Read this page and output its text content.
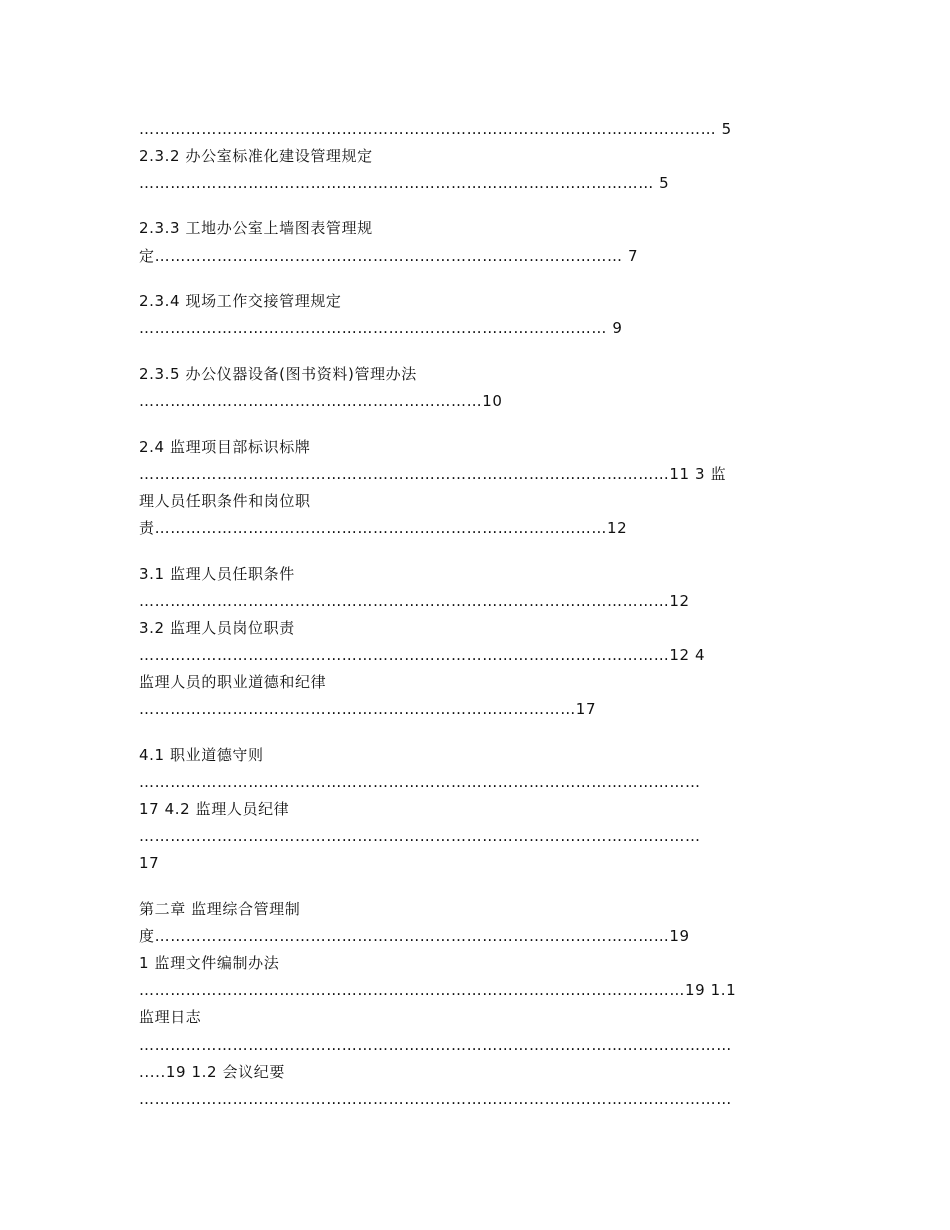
………………………………………………………………………………………………… 5
2.3.2 办公室标准化建设管理规定
……………………………………………………………………………………… 5
2.3.3 工地办公室上墙图表管理规
定……………………………………………………………………………… 7
2.3.4 现场工作交接管理规定
……………………………………………………………………………… 9
2.3.5 办公仪器设备(图书资料)管理办法
…………………………………………………………10
2.4 监理项目部标识标牌
…………………………………………………………………………………………11 3 监
理人员任职条件和岗位职
责……………………………………………………………………………12
3.1 监理人员任职条件
…………………………………………………………………………………………12
3.2 监理人员岗位职责
…………………………………………………………………………………………12 4
监理人员的职业道德和纪律
…………………………………………………………………………17
4.1 职业道德守则
………………………………………………………………………………………………
17 4.2 监理人员纪律
………………………………………………………………………………………………
17
第二章 监理综合管理制
度………………………………………………………………………………………19
1 监理文件编制办法
……………………………………………………………………………………………19 1.1
监理日志
……………………………………………………………………………………………………
.....19 1.2 会议纪要
……………………………………………………………………………………………………
